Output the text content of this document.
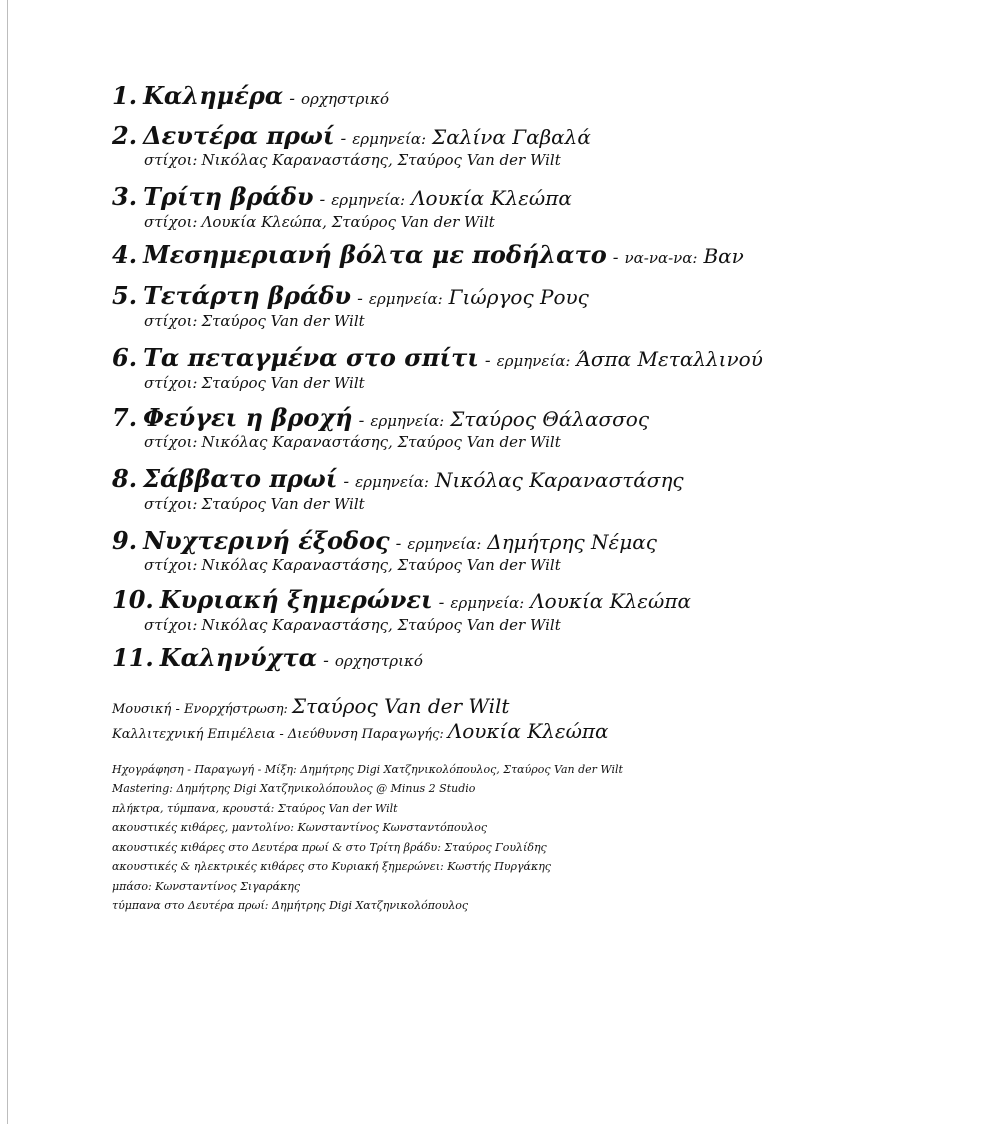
1. Καλημέρα - ορχηστρικό
2. Δευτέρα πρωί - ερμηνεία: Σαλίνα Γαβαλά
στίχοι: Νικόλας Καραναστάσης, Σταύρος Van der Wilt
3. Τρίτη βράδυ - ερμηνεία: Λουκία Κλεώπα
στίχοι: Λουκία Κλεώπα, Σταύρος Van der Wilt
4. Μεσημεριανή βόλτα με ποδήλατο - να-να-να: Βαν
5. Τετάρτη βράδυ - ερμηνεία: Γιώργος Ρους
στίχοι: Σταύρος Van der Wilt
6. Τα πεταγμένα στο σπίτι - ερμηνεία: Άσπα Μεταλλινού
στίχοι: Σταύρος Van der Wilt
7. Φεύγει η βροχή - ερμηνεία: Σταύρος Θάλασσος
στίχοι: Νικόλας Καραναστάσης, Σταύρος Van der Wilt
8. Σάββατο πρωί - ερμηνεία: Νικόλας Καραναστάσης
στίχοι: Σταύρος Van der Wilt
9. Νυχτερινή έξοδος - ερμηνεία: Δημήτρης Νέμας
στίχοι: Νικόλας Καραναστάσης, Σταύρος Van der Wilt
10. Κυριακή ξημερώνει - ερμηνεία: Λουκία Κλεώπα
στίχοι: Νικόλας Καραναστάσης, Σταύρος Van der Wilt
11. Καληνύχτα - ορχηστρικό
Μουσική - Ενορχήστρωση: Σταύρος Van der Wilt
Καλλιτεχνική Επιμέλεια - Διεύθυνση Παραγωγής: Λουκία Κλεώπα
Ηχογράφηση - Παραγωγή - Μίξη: Δημήτρης Digi Χατζηνικολόπουλος, Σταύρος Van der Wilt
Mastering: Δημήτρης Digi Χατζηνικολόπουλος @ Minus 2 Studio
πλήκτρα, τύμπανα, κρουστά: Σταύρος Van der Wilt
ακουστικές κιθάρες, μαντολίνο: Κωνσταντίνος Κωνσταντόπουλος
ακουστικές κιθάρες στο Δευτέρα πρωί & στο Τρίτη βράδυ: Σταύρος Γουλίδης
ακουστικές & ηλεκτρικές κιθάρες στο Κυριακή ξημερώνει: Κωστής Πυργάκης
μπάσο: Κωνσταντίνος Σιγαράκης
τύμπανα στο Δευτέρα πρωί: Δημήτρης Digi Χατζηνικολόπουλος
